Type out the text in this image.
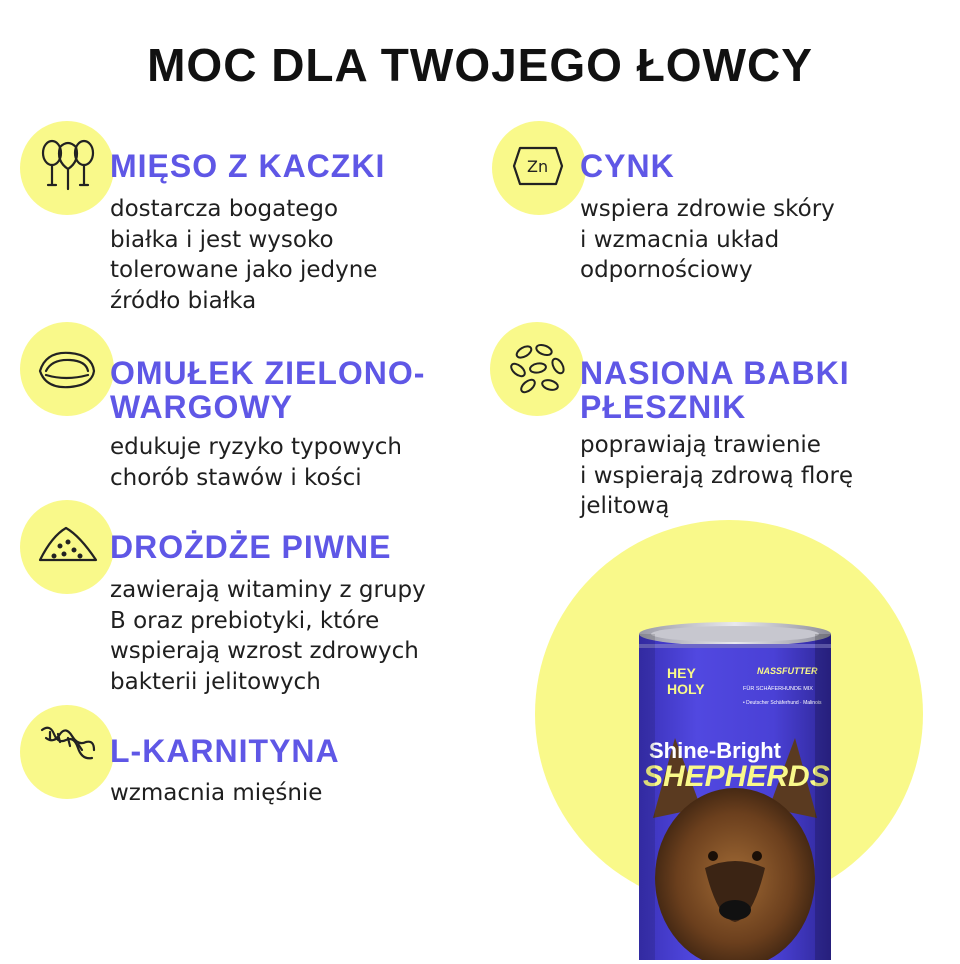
MOC DLA TWOJEGO ŁOWCY
MIĘSO Z KACZKI
dostarcza bogatego
białka i jest wysoko
tolerowane jako jedyne
źródło białka
Zn CYNK
wspiera zdrowie skóry
i wzmacnia układ
odpornościowy
OMUŁEK ZIELONO-
WARGOWY
edukuje ryzyko typowych
chorób stawów i kości
NASIONA BABKI
PŁESZNIK
poprawiają trawienie
i wspierają zdrową florę
jelitową
DROŻDŻE PIWNE
zawierają witaminy z grupy
B oraz prebiotyki, które
wspierają wzrost zdrowych
bakterii jelitowych
L-KARNITYNA
wzmacnia mięśnie
HEY
HOLY
NASSFUTTER
FÜR SCHÄFERHUNDE MIX
• Deutscher Schäferhund · Malinois
Shine-Bright
SHEPHERDS
